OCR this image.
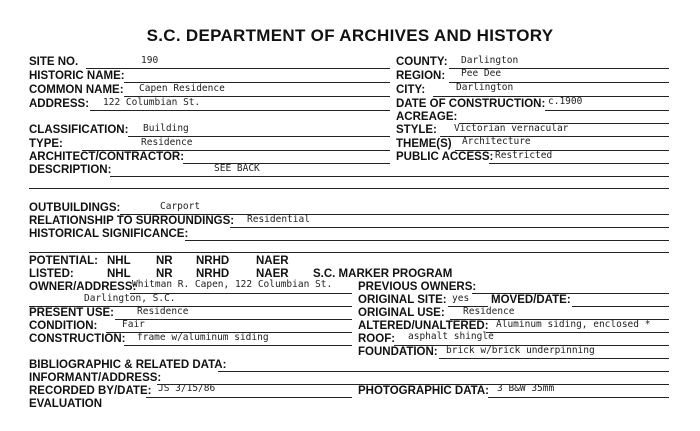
S.C. DEPARTMENT OF ARCHIVES AND HISTORY
SITE NO.	190
HISTORIC NAME:
COMMON NAME: Capen Residence
ADDRESS: 122 Columbian St.
COUNTY: Darlington
REGION: Pee Dee
CITY:	Darlington
DATE OF CONSTRUCTION: c.1900
ACREAGE:
CLASSIFICATION: Building
TYPE:	Residence
ARCHITECT/CONTRACTOR:
DESCRIPTION:	SEE BACK
STYLE: Victorian vernacular
THEME(S) Architecture
PUBLIC ACCESS: Restricted
OUTBUILDINGS:	Carport
RELATIONSHIP TO SURROUNDINGS: Residential
HISTORICAL SIGNIFICANCE:
POTENTIAL: NHL NR NRHD NAER
LISTED:	NHL NR NRHD NAER S.C. MARKER PROGRAM
OWNER/ADDRESS:
Whitman R. Capen, 122 Columbian St.
Darlington, S.C.
PREVIOUS OWNERS:
ORIGINAL SITE: yes MOVED/DATE:
PRESENT USE: Residence	ORIGINAL USE: Residence
CONDITION:	Fair	ALTERED/UNALTERED: Aluminum siding, enclosed *
CONSTRUCTION: frame w/aluminum siding	ROOF: asphalt shingle
FOUNDATION: brick w/brick underpinning
BIBLIOGRAPHIC & RELATED DATA:
INFORMANT/ADDRESS:
RECORDED BY/DATE: JS 3/15/86	PHOTOGRAPHIC DATA: 3 B&W 35mm
EVALUATION
